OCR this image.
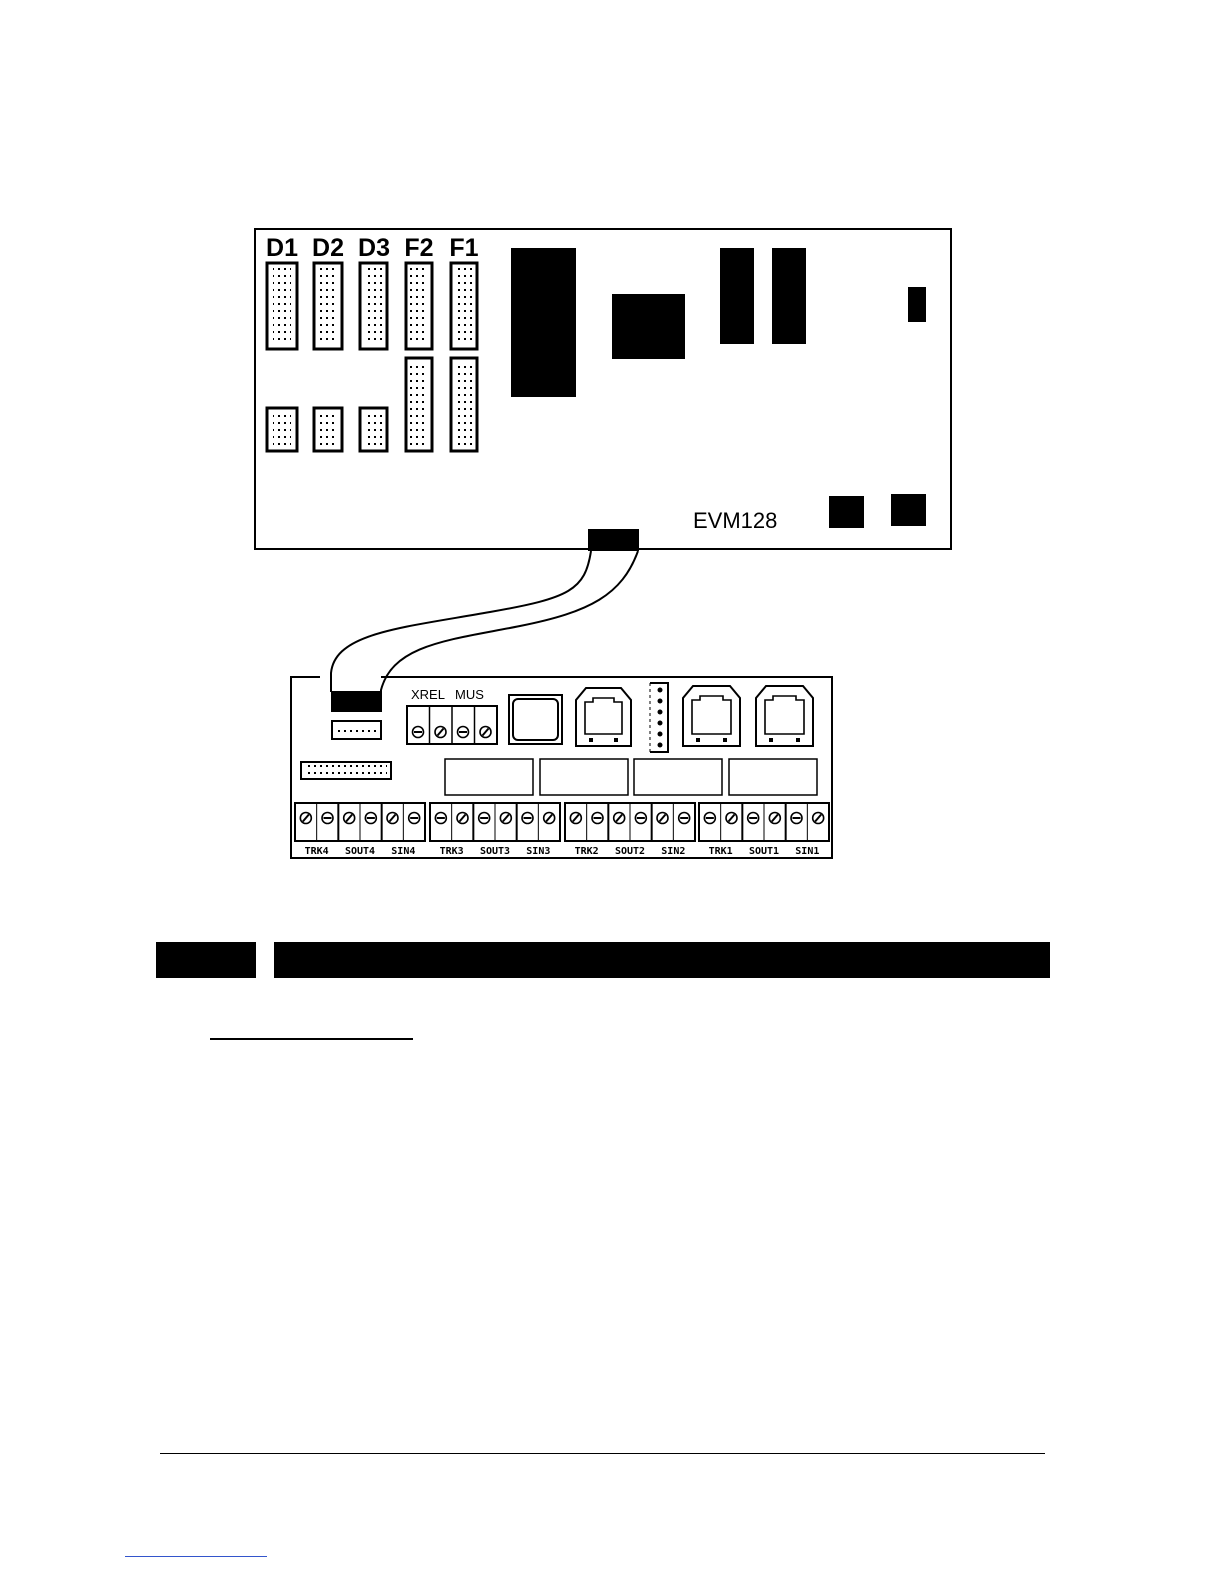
D1 D2 D3 F2 F1
EVM128
XREL MUS
TRK4 SOUT4 SIN4 TRK3 SOUT3 SIN3 TRK2 SOUT2 SIN2 TRK1 SOUT1 SIN1
